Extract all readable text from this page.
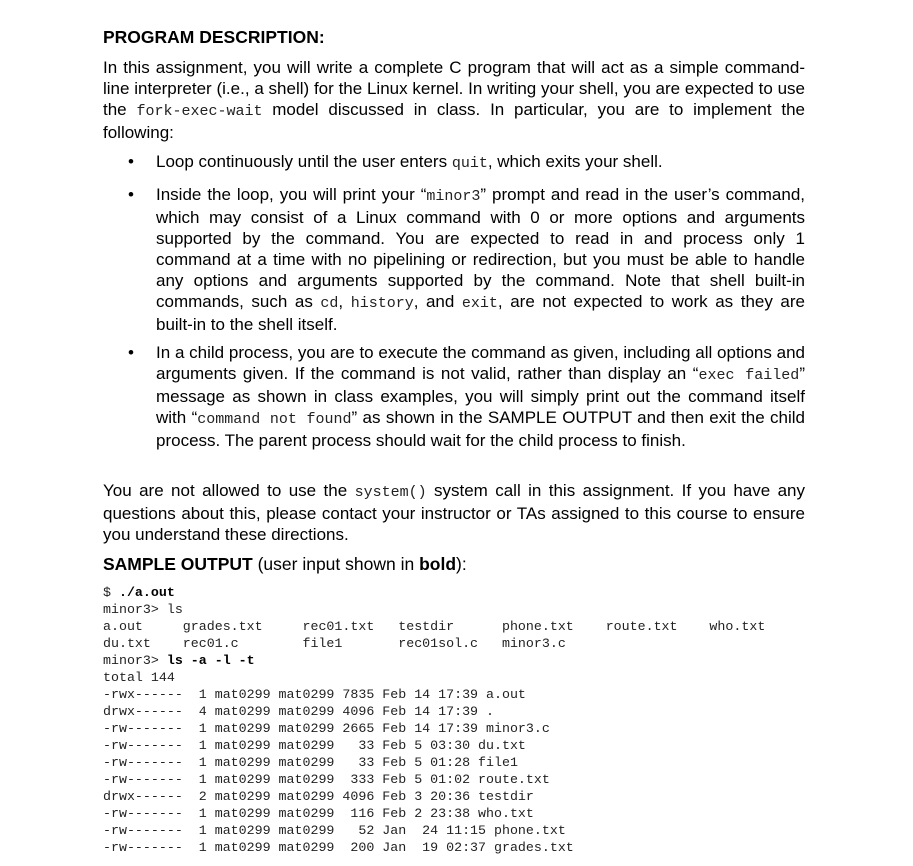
PROGRAM DESCRIPTION:

In this assignment, you will write a complete C program that will act as a simple command-line interpreter (i.e., a shell) for the Linux kernel. In writing your shell, you are expected to use the fork-exec-wait model discussed in class. In particular, you are to implement the following:

• Loop continuously until the user enters quit, which exits your shell.
• Inside the loop, you will print your “minor3” prompt and read in the user’s command, which may consist of a Linux command with 0 or more options and arguments supported by the command. You are expected to read in and process only 1 command at a time with no pipelining or redirection, but you must be able to handle any options and arguments supported by the command. Note that shell built-in commands, such as cd, history, and exit, are not expected to work as they are built-in to the shell itself.
• In a child process, you are to execute the command as given, including all options and arguments given. If the command is not valid, rather than display an “exec failed” message as shown in class examples, you will simply print out the command itself with “command not found” as shown in the SAMPLE OUTPUT and then exit the child process. The parent process should wait for the child process to finish.

You are not allowed to use the system() system call in this assignment. If you have any questions about this, please contact your instructor or TAs assigned to this course to ensure you understand these directions.

SAMPLE OUTPUT (user input shown in bold):

$ ./a.out
minor3> ls
a.out     grades.txt     rec01.txt   testdir      phone.txt    route.txt    who.txt
du.txt    rec01.c        file1       rec01sol.c   minor3.c
minor3> ls -a -l -t
total 144
-rwx------  1 mat0299 mat0299 7835 Feb 14 17:39 a.out
drwx------  4 mat0299 mat0299 4096 Feb 14 17:39 .
-rw-------  1 mat0299 mat0299 2665 Feb 14 17:39 minor3.c
-rw-------  1 mat0299 mat0299   33 Feb 5 03:30 du.txt
-rw-------  1 mat0299 mat0299   33 Feb 5 01:28 file1
-rw-------  1 mat0299 mat0299  333 Feb 5 01:02 route.txt
drwx------  2 mat0299 mat0299 4096 Feb 3 20:36 testdir
-rw-------  1 mat0299 mat0299  116 Feb 2 23:38 who.txt
-rw-------  1 mat0299 mat0299   52 Jan  24 11:15 phone.txt
-rw-------  1 mat0299 mat0299  200 Jan  19 02:37 grades.txt
